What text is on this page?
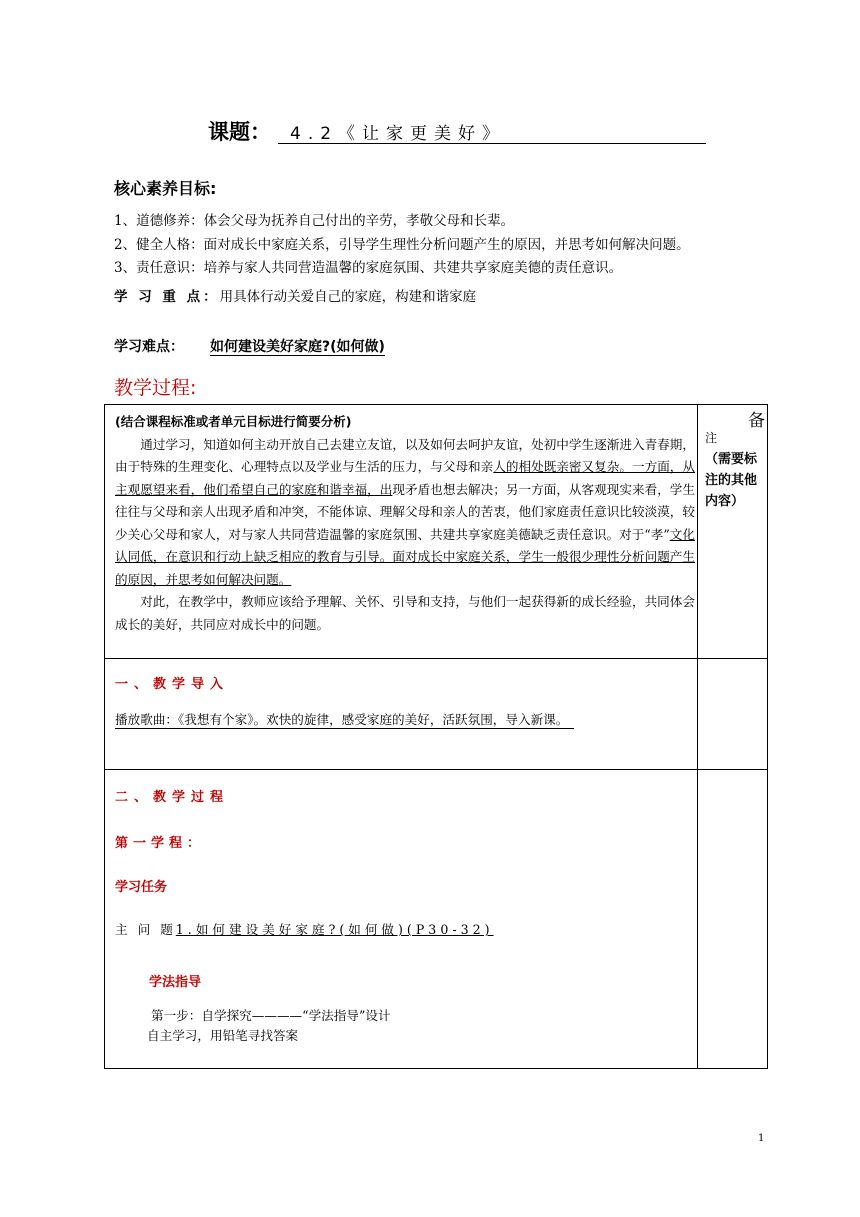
课题：	4.2《让家更美好》
核心素养目标:
1、道德修养：体会父母为抚养自己付出的辛劳，孝敬父母和长辈。
2、健全人格：面对成长中家庭关系，引导学生理性分析问题产生的原因，并思考如何解决问题。
3、责任意识：培养与家人共同营造温馨的家庭氛围、共建共享家庭美德的责任意识。
学 习 重 点：用具体行动关爱自己的家庭，构建和谐家庭
学习难点： 如何建设美好家庭?(如何做)
教学过程:
备
注
（需要标注的其他内容）
(结合课程标准或者单元目标进行简要分析)

通过学习，知道如何主动开放自己去建立友谊，以及如何去呵护友谊，处初中学生逐渐进入青春期，由于特殊的生理变化、心理特点以及学业与生活的压力，与父母和亲人的相处既亲密又复杂。一方面，从主观愿望来看，他们希望自己的家庭和谐幸福，出现矛盾也想去解决；另一方面，从客观现实来看，学生往往与父母和亲人出现矛盾和冲突，不能体谅、理解父母和亲人的苦衷，他们家庭责任意识比较淡漠，较少关心父母和家人，对与家人共同营造温馨的家庭氛围、共建共享家庭美德缺乏责任意识。对于“孝”文化认同低，在意识和行动上缺乏相应的教育与引导。面对成长中家庭关系，学生一般很少理性分析问题产生的原因，并思考如何解决问题。

对此，在教学中，教师应该给予理解、关怀、引导和支持，与他们一起获得新的成长经验，共同体会成长的美好，共同应对成长中的问题。

一、教学导入
播放歌曲：《我想有个家》。欢快的旋律，感受家庭的美好，活跃氛围，导入新课。
二、教学过程
第一学程：
学习任务
主 问 题1.如何建设美好家庭?(如何做)(P30-32)
学法指导
第一步：自学探究————“学法指导”设计
自主学习，用铅笔寻找答案
1
